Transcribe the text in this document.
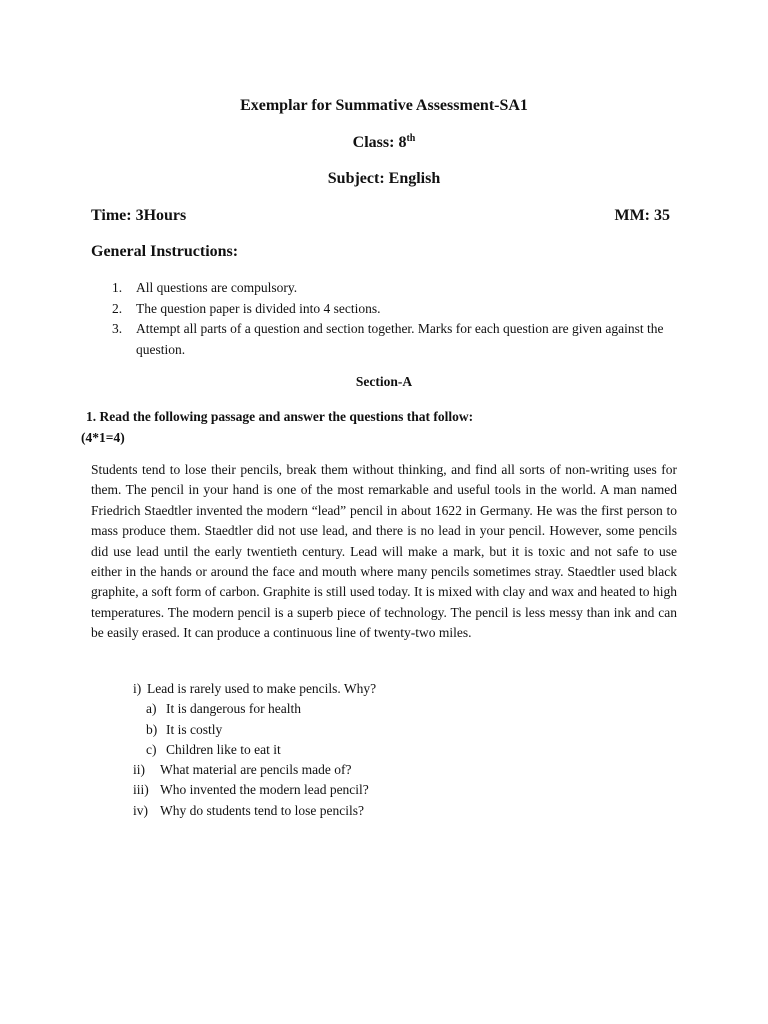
Exemplar for Summative Assessment-SA1
Class: 8th
Subject: English
Time: 3Hours	MM: 35
General Instructions:
1. All questions are compulsory.
2. The question paper is divided into 4 sections.
3. Attempt all parts of a question and section together. Marks for each question are given against the question.
Section-A
1. Read the following passage and answer the questions that follow:
(4*1=4)

Students tend to lose their pencils, break them without thinking, and find all sorts of non-writing uses for them. The pencil in your hand is one of the most remarkable and useful tools in the world. A man named Friedrich Staedtler invented the modern “lead” pencil in about 1622 in Germany. He was the first person to mass produce them. Staedtler did not use lead, and there is no lead in your pencil. However, some pencils did use lead until the early twentieth century. Lead will make a mark, but it is toxic and not safe to use either in the hands or around the face and mouth where many pencils sometimes stray. Staedtler used black graphite, a soft form of carbon. Graphite is still used today. It is mixed with clay and wax and heated to high temperatures. The modern pencil is a superb piece of technology. The pencil is less messy than ink and can be easily erased. It can produce a continuous line of twenty-two miles.

i) Lead is rarely used to make pencils. Why?
a) It is dangerous for health
b) It is costly
c) Children like to eat it
ii) What material are pencils made of?
iii) Who invented the modern lead pencil?
iv) Why do students tend to lose pencils?
